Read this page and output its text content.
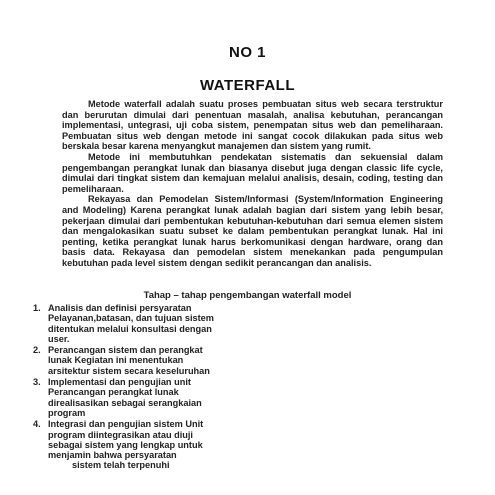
NO 1
WATERFALL

Metode waterfall adalah suatu proses pembuatan situs web secara terstruktur dan berurutan dimulai dari penentuan masalah, analisa kebutuhan, perancangan implementasi, untegrasi, uji coba sistem, penempatan situs web dan pemeliharaan. Pembuatan situs web dengan metode ini sangat cocok dilakukan pada situs web berskala besar karena menyangkut manajemen dan sistem yang rumit.

Metode ini membutuhkan pendekatan sistematis dan sekuensial dalam pengembangan perangkat lunak dan biasanya disebut juga dengan classic life cycle, dimulai dari tingkat sistem dan kemajuan melalui analisis, desain, coding, testing dan pemeliharaan.

Rekayasa dan Pemodelan Sistem/Informasi (System/Information Engineering and Modeling) Karena perangkat lunak adalah bagian dari sistem yang lebih besar, pekerjaan dimulai dari pembentukan kebutuhan-kebutuhan dari semua elemen sistem dan mengalokasikan suatu subset ke dalam pembentukan perangkat lunak. Hal ini penting, ketika perangkat lunak harus berkomunikasi dengan hardware, orang dan basis data. Rekayasa dan pemodelan sistem menekankan pada pengumpulan kebutuhan pada level sistem dengan sedikit perancangan dan analisis.

Tahap – tahap pengembangan waterfall model
1. Analisis dan definisi persyaratan
Pelayanan,batasan, dan tujuan sistem
ditentukan melalui konsultasi dengan
user.
2. Perancangan sistem dan perangkat
lunak Kegiatan ini menentukan
arsitektur sistem secara keseluruhan
3. Implementasi dan pengujian unit
Perancangan perangkat lunak
direalisasikan sebagai serangkaian
program
4. Integrasi dan pengujian sistem Unit
program diintegrasikan atau diuji
sebagai sistem yang lengkap untuk
menjamin bahwa persyaratan
sistem telah terpenuhi
